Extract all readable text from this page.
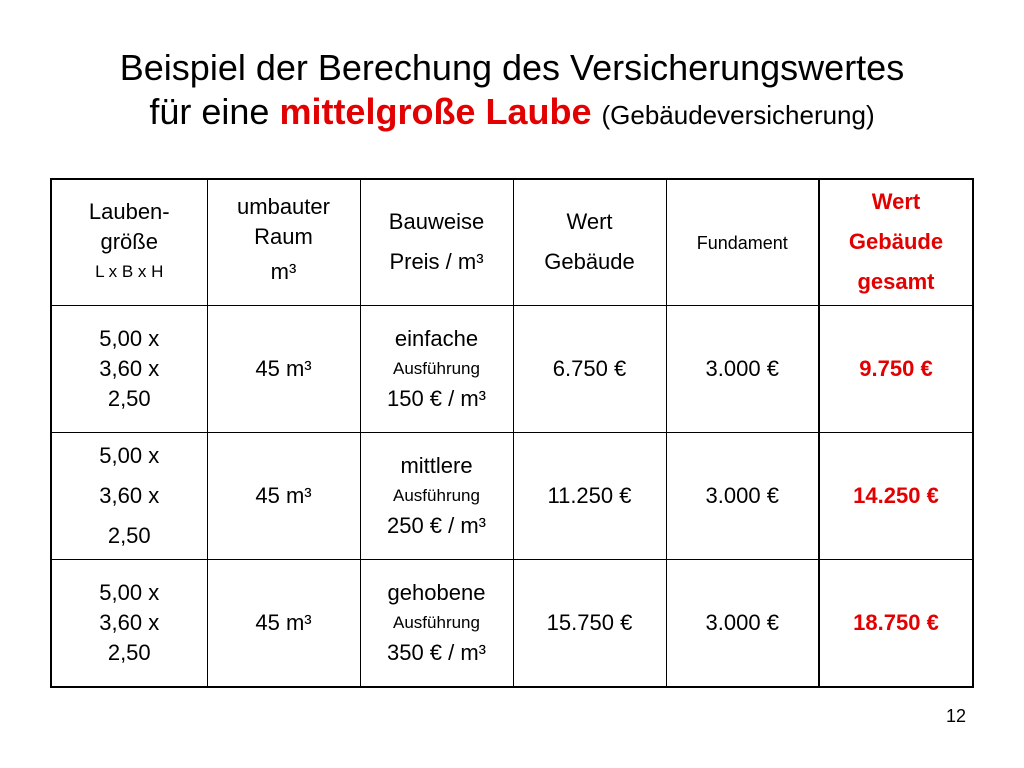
Beispiel der Berechung des Versicherungswertes
für eine mittelgroße Laube (Gebäudeversicherung)
Lauben-
größe
L x B x H	umbauter
Raum
m³	Bauweise
Preis / m³	Wert
Gebäude	Fundament	Wert
Gebäude
gesamt

5,00 x
3,60 x
2,50	45 m³	einfache
Ausführung
150 € / m³	6.750 €	3.000 €	9.750 €

5,00 x
3,60 x
2,50	45 m³	mittlere
Ausführung
250 € / m³	11.250 €	3.000 €	14.250 €

5,00 x
3,60 x
2,50	45 m³	gehobene
Ausführung
350 € / m³	15.750 €	3.000 €	18.750 €
12
